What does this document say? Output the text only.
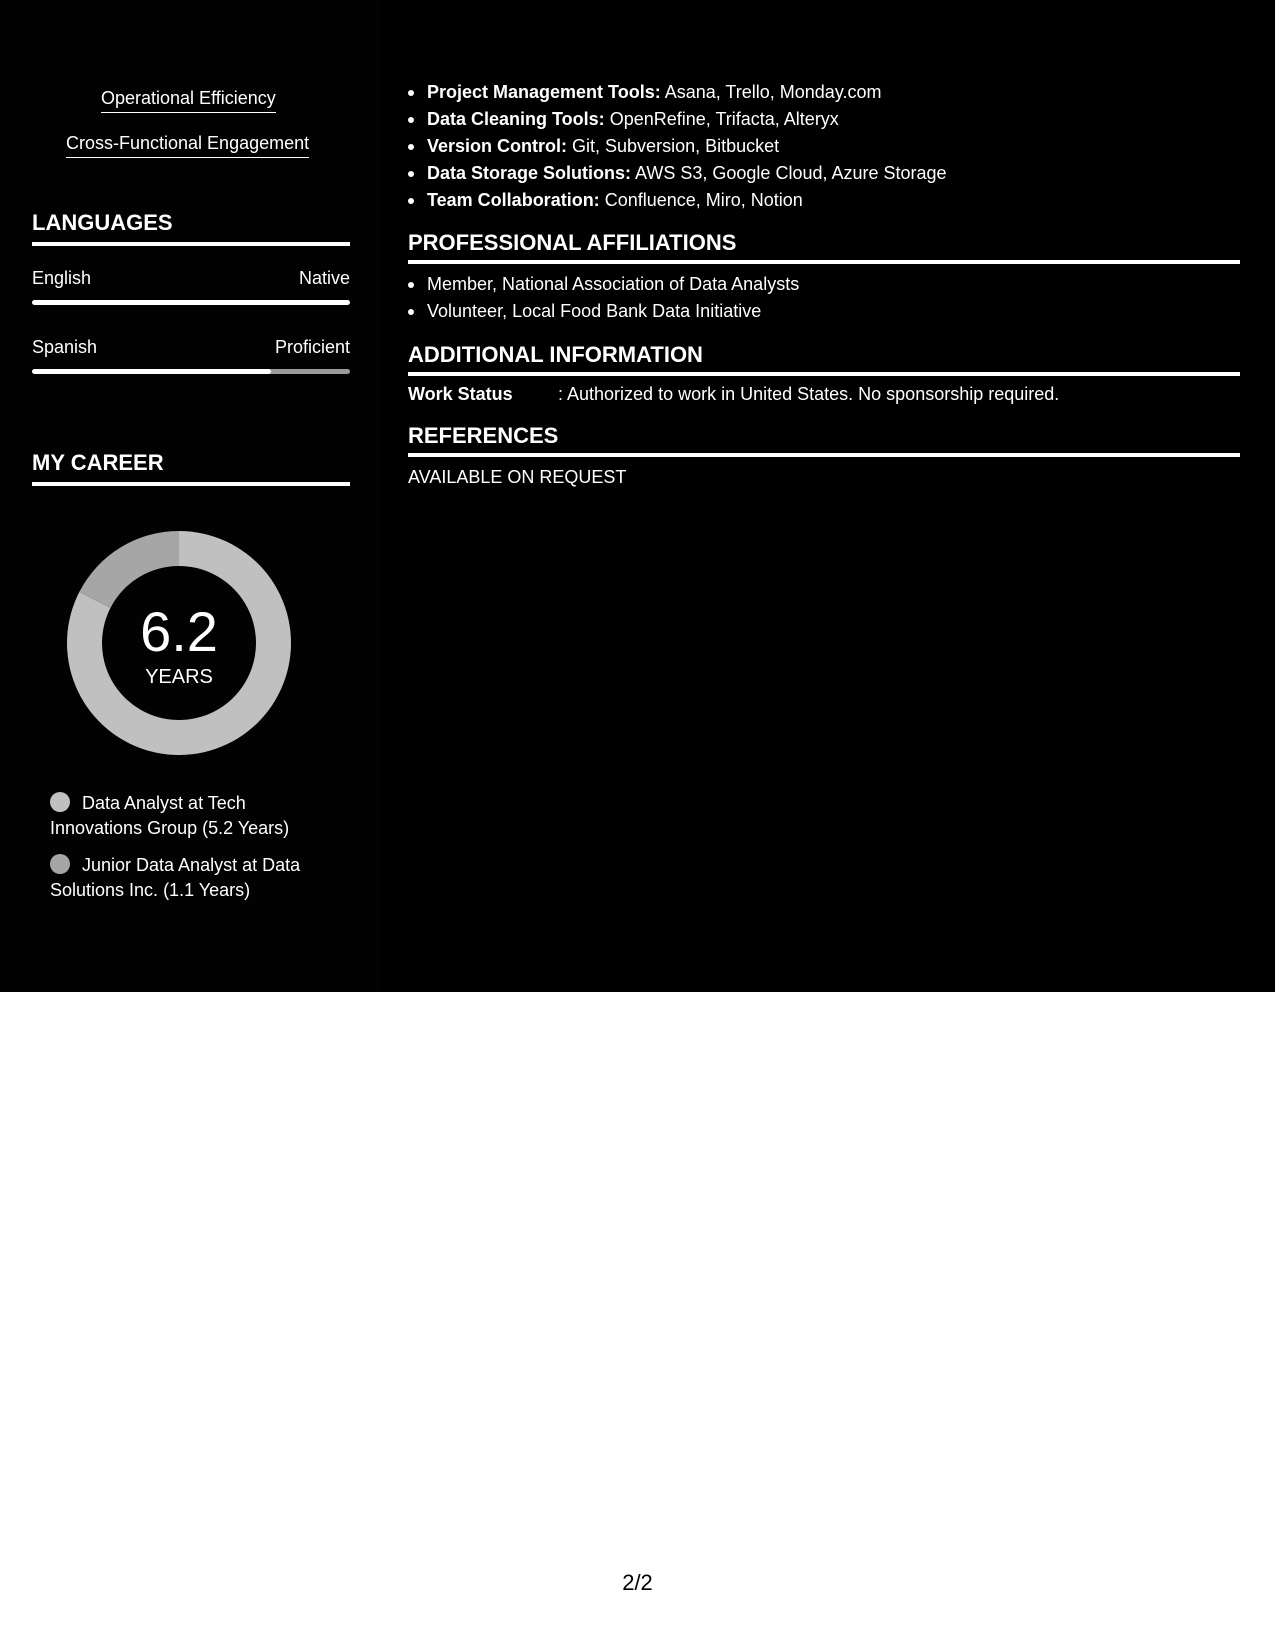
Operational Efficiency
Cross-Functional Engagement
LANGUAGES
English	Native
Spanish	Proficient
MY CAREER
6.2
YEARS
Data Analyst at Tech Innovations Group (5.2 Years)
Junior Data Analyst at Data Solutions Inc. (1.1 Years)
Project Management Tools: Asana, Trello, Monday.com
Data Cleaning Tools: OpenRefine, Trifacta, Alteryx
Version Control: Git, Subversion, Bitbucket
Data Storage Solutions: AWS S3, Google Cloud, Azure Storage
Team Collaboration: Confluence, Miro, Notion
PROFESSIONAL AFFILIATIONS
Member, National Association of Data Analysts
Volunteer, Local Food Bank Data Initiative
ADDITIONAL INFORMATION
Work Status	: Authorized to work in United States. No sponsorship required.
REFERENCES
AVAILABLE ON REQUEST
2/2
